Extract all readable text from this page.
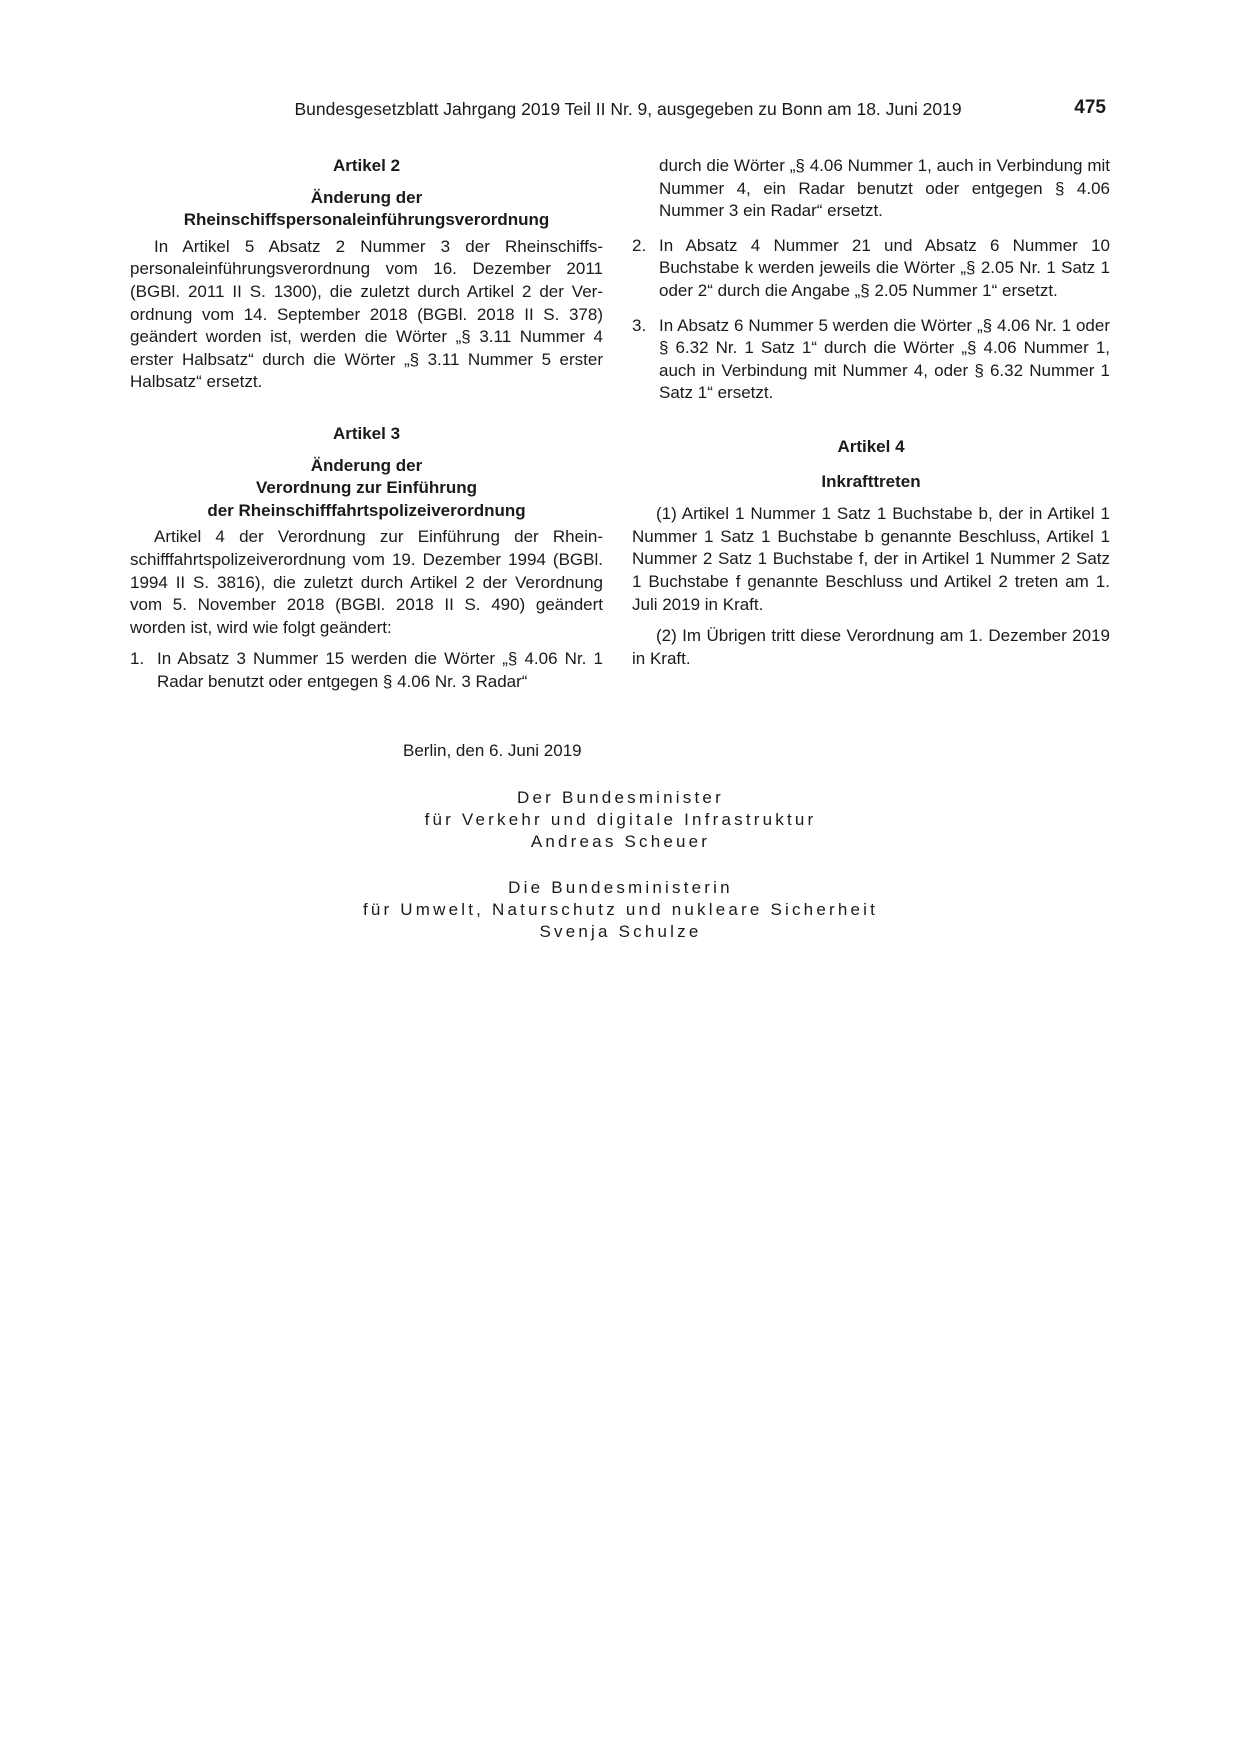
Bundesgesetzblatt Jahrgang 2019 Teil II Nr. 9, ausgegeben zu Bonn am 18. Juni 2019	475

Artikel 2

Änderung der
Rheinschiffspersonaleinführungsverordnung

In Artikel 5 Absatz 2 Nummer 3 der Rheinschiffspersonaleinführungsverordnung vom 16. Dezember 2011 (BGBl. 2011 II S. 1300), die zuletzt durch Artikel 2 der Verordnung vom 14. September 2018 (BGBl. 2018 II S. 378) geändert worden ist, werden die Wörter „§ 3.11 Nummer 4 erster Halbsatz“ durch die Wörter „§ 3.11 Nummer 5 erster Halbsatz“ ersetzt.

Artikel 3

Änderung der
Verordnung zur Einführung
der Rheinschifffahrtspolizeiverordnung

Artikel 4 der Verordnung zur Einführung der Rheinschifffahrtspolizeiverordnung vom 19. Dezember 1994 (BGBl. 1994 II S. 3816), die zuletzt durch Artikel 2 der Verordnung vom 5. November 2018 (BGBl. 2018 II S. 490) geändert worden ist, wird wie folgt geändert:

1. In Absatz 3 Nummer 15 werden die Wörter „§ 4.06 Nr. 1 Radar benutzt oder entgegen § 4.06 Nr. 3 Radar“
durch die Wörter „§ 4.06 Nummer 1, auch in Verbindung mit Nummer 4, ein Radar benutzt oder entgegen § 4.06 Nummer 3 ein Radar“ ersetzt.
2. In Absatz 4 Nummer 21 und Absatz 6 Nummer 10 Buchstabe k werden jeweils die Wörter „§ 2.05 Nr. 1 Satz 1 oder 2“ durch die Angabe „§ 2.05 Nummer 1“ ersetzt.
3. In Absatz 6 Nummer 5 werden die Wörter „§ 4.06 Nr. 1 oder § 6.32 Nr. 1 Satz 1“ durch die Wörter „§ 4.06 Nummer 1, auch in Verbindung mit Nummer 4, oder § 6.32 Nummer 1 Satz 1“ ersetzt.

Artikel 4

Inkrafttreten

(1) Artikel 1 Nummer 1 Satz 1 Buchstabe b, der in Artikel 1 Nummer 1 Satz 1 Buchstabe b genannte Beschluss, Artikel 1 Nummer 2 Satz 1 Buchstabe f, der in Artikel 1 Nummer 2 Satz 1 Buchstabe f genannte Beschluss und Artikel 2 treten am 1. Juli 2019 in Kraft.

(2) Im Übrigen tritt diese Verordnung am 1. Dezember 2019 in Kraft.

Berlin, den 6. Juni 2019
Der Bundesminister
für Verkehr und digitale Infrastruktur
Andreas Scheuer
Die Bundesministerin
für Umwelt, Naturschutz und nukleare Sicherheit
Svenja Schulze
